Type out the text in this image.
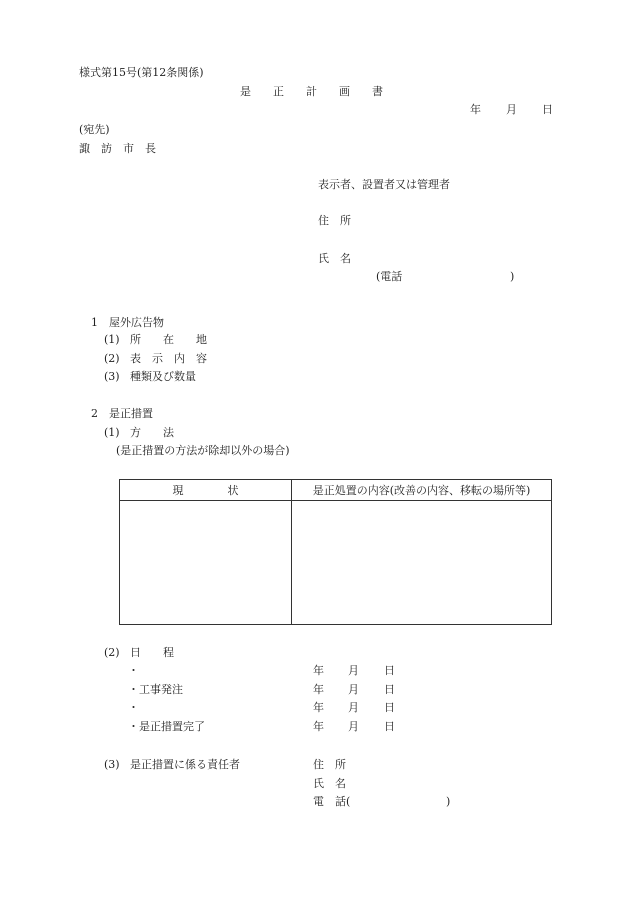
様式第15号(第12条関係)
是　　正　　計　　画　　書
年 月 日
(宛先)
諏　訪　市　長
表示者、設置者又は管理者
住　所
氏　名
(電話	)
1　屋外広告物
(1) 所　　在　　地
(2) 表　示　内　容
(3) 種類及び数量
2　是正措置
(1) 方　　法
(是正措置の方法が除却以外の場合)
現　　　　状	是正処置の内容(改善の内容、移転の場所等)

(2) 日　　程
・	年 月 日
・工事発注	年 月 日
・	年 月 日
・是正措置完了	年 月 日
(3) 是正措置に係る責任者	住　所
氏　名
電　話(	)
